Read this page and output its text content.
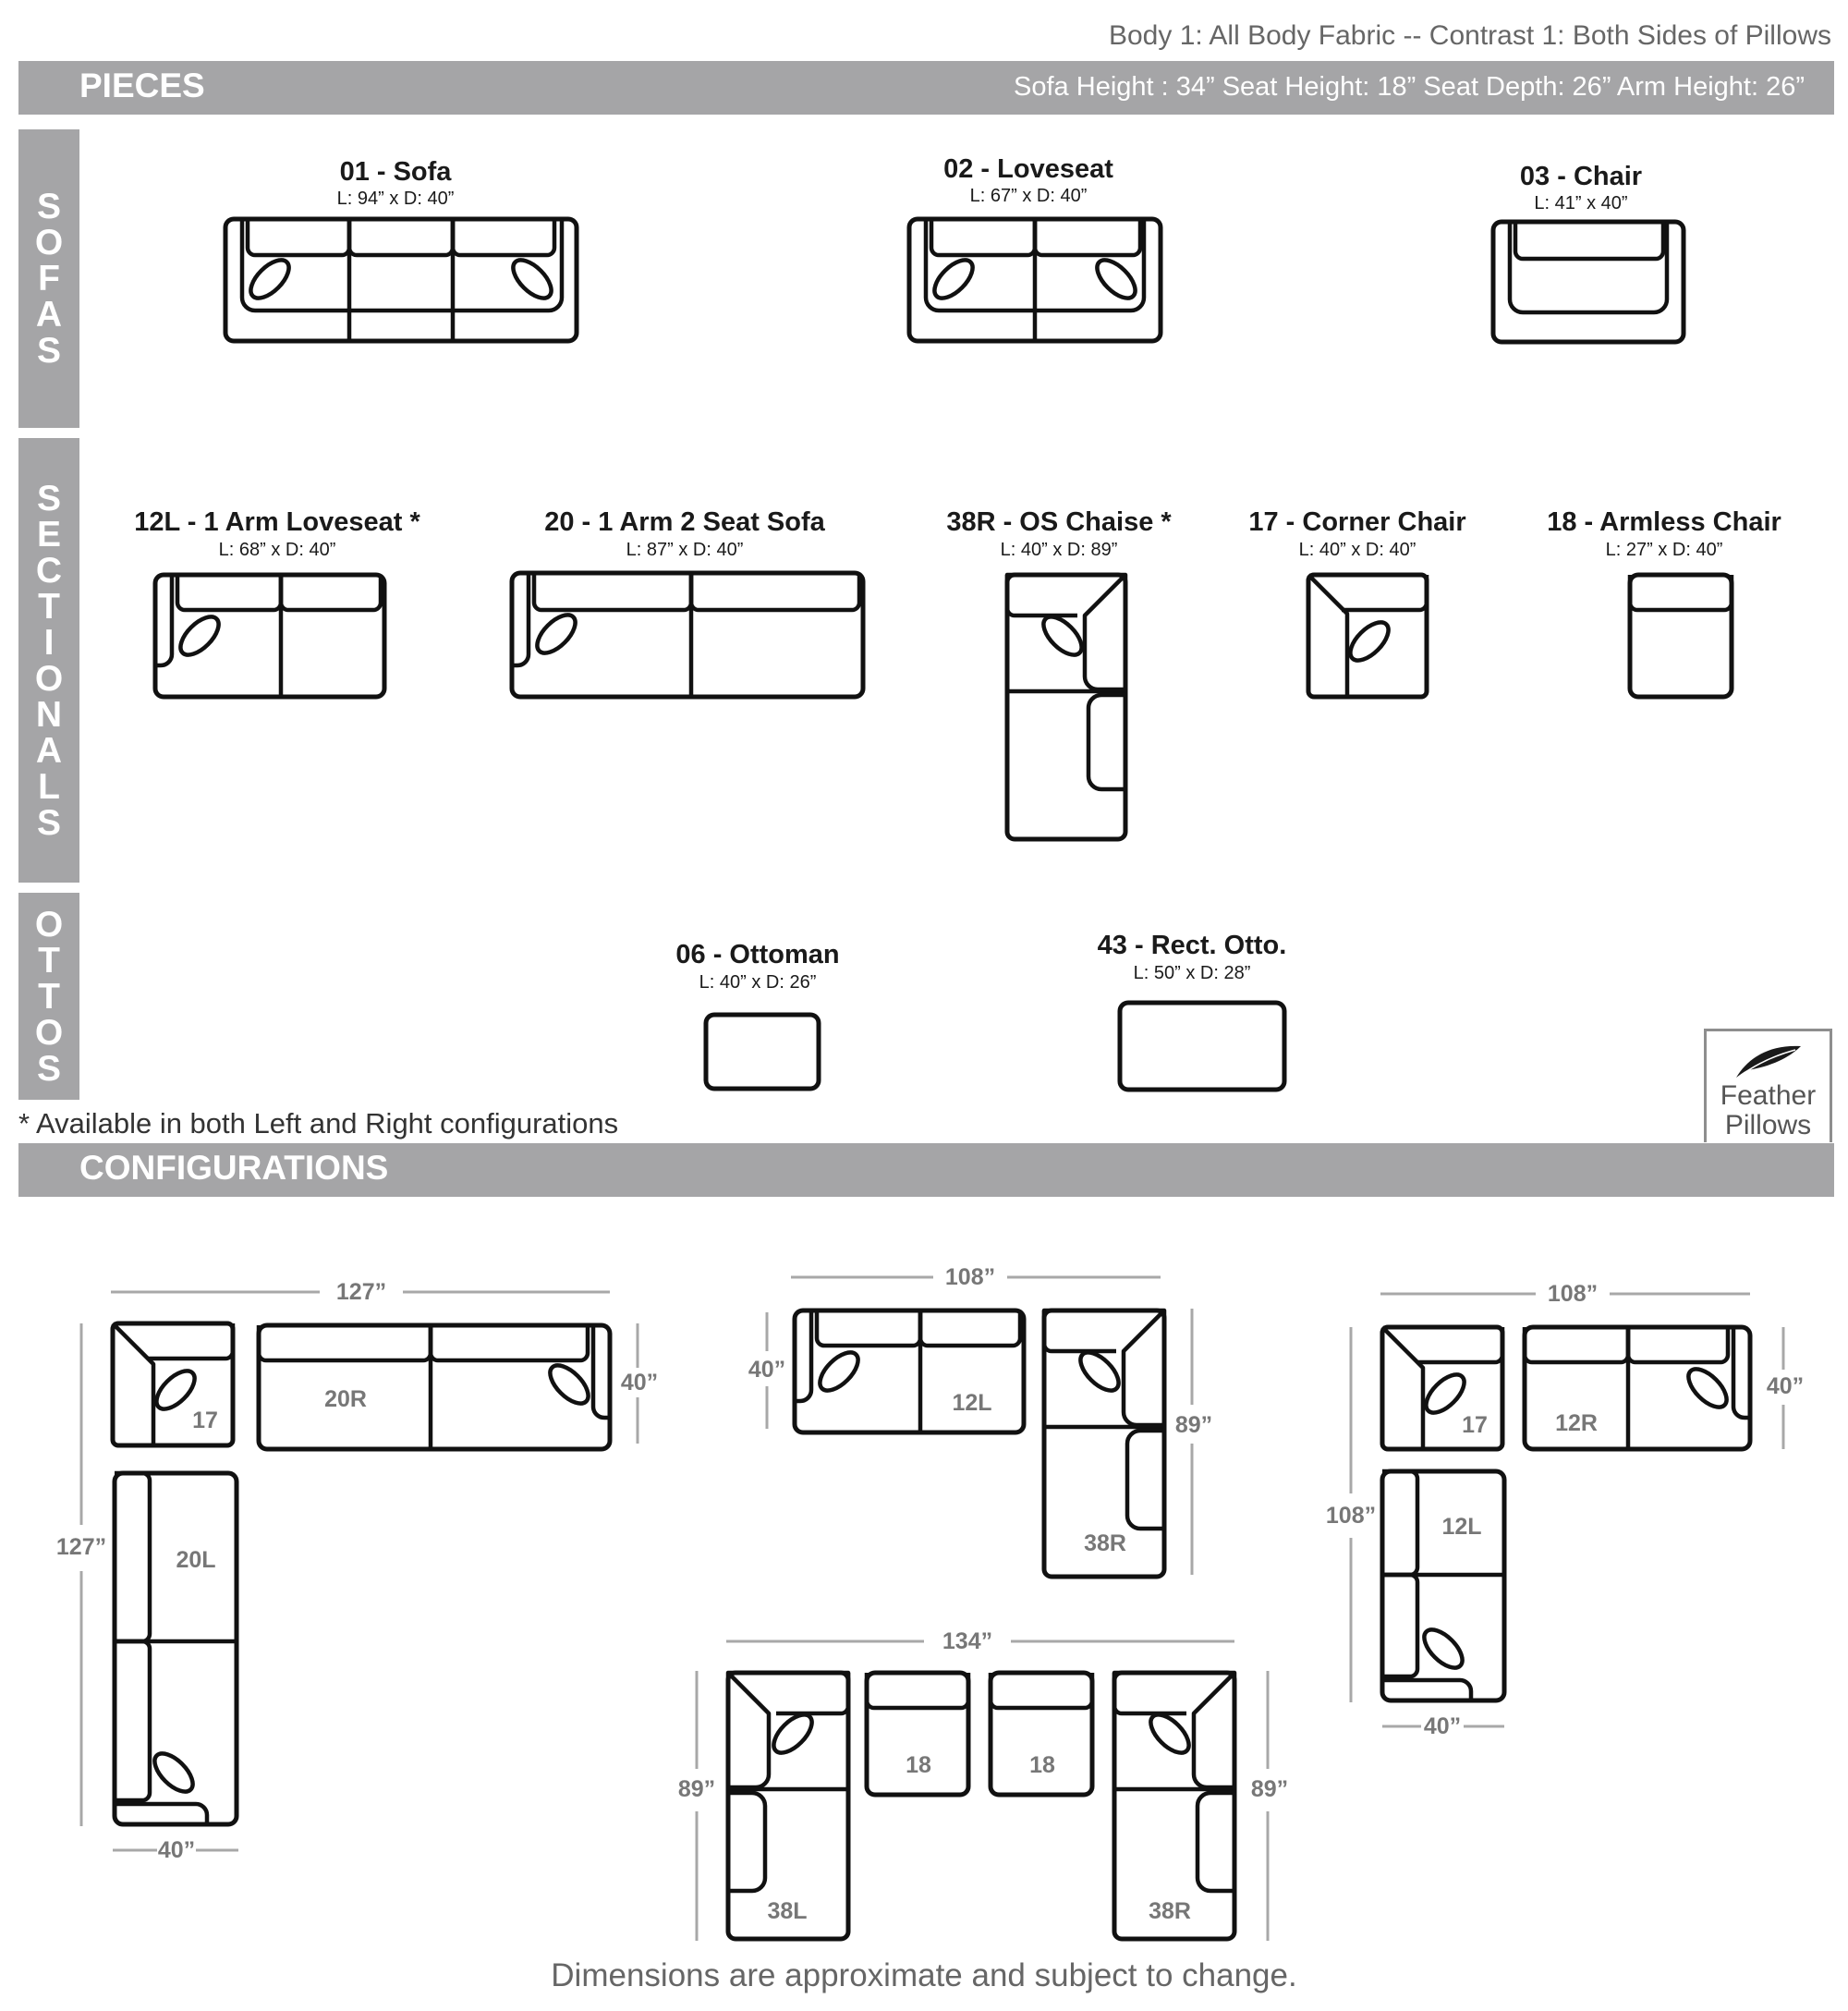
Body 1: All Body Fabric -- Contrast 1: Both Sides of Pillows
PIECES	Sofa Height : 34” Seat Height: 18” Seat Depth: 26” Arm Height: 26”
S
O
F
A
S
S
E
C
T
I
O
N
A
L
S
O
T
T
O
S
01 - Sofa
L: 94” x D: 40”
02 - Loveseat
L: 67” x D: 40”
03 - Chair
L: 41” x 40”
12L - 1 Arm Loveseat *
L: 68” x D: 40”
20 - 1 Arm 2 Seat Sofa
L: 87” x D: 40”
38R - OS Chaise *
L: 40” x D: 89”
17 - Corner Chair
L: 40” x D: 40”
18 - Armless Chair
L: 27” x D: 40”
06 - Ottoman
L: 40” x D: 26”
43 - Rect. Otto.
L: 50” x D: 28”
* Available in both Left and Right configurations
Feather
Pillows
CONFIGURATIONS
127”
40”
127”
40”
17
20R
20L
108”
40”
89”
12L
38R
108”
40”
108”
40”
17	12R
12L
134”
89”	89”
38L
18	18
38R
Dimensions are approximate and subject to change.
